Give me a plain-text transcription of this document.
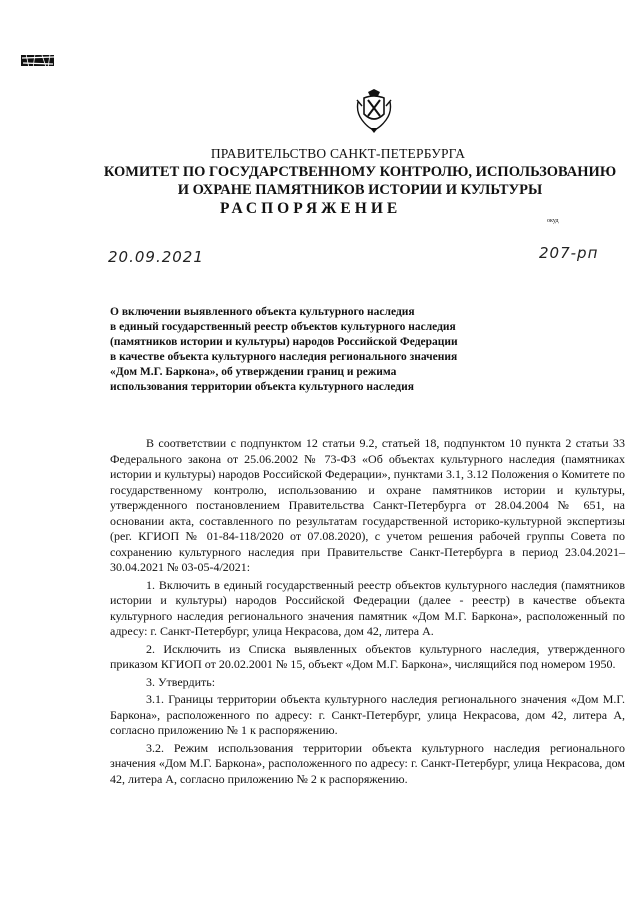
ПРАВИТЕЛЬСТВО САНКТ-ПЕТЕРБУРГА
КОМИТЕТ ПО ГОСУДАРСТВЕННОМУ КОНТРОЛЮ, ИСПОЛЬЗОВАНИЮ
И ОХРАНЕ ПАМЯТНИКОВ ИСТОРИИ И КУЛЬТУРЫ
РАСПОРЯЖЕНИЕ
окуд
20.09.2021	207-рп
О включении выявленного объекта культурного наследия
в единый государственный реестр объектов культурного наследия
(памятников истории и культуры) народов Российской Федерации
в качестве объекта культурного наследия регионального значения
«Дом М.Г. Баркона», об утверждении границ и режима
использования территории объекта культурного наследия

В соответствии с подпунктом 12 статьи 9.2, статьей 18, подпунктом 10 пункта 2 статьи 33 Федерального закона от 25.06.2002 № 73-ФЗ «Об объектах культурного наследия (памятниках истории и культуры) народов Российской Федерации», пунктами 3.1, 3.12 Положения о Комитете по государственному контролю, использованию и охране памятников истории и культуры, утвержденного постановлением Правительства Санкт-Петербурга от 28.04.2004 № 651, на основании акта, составленного по результатам государственной историко-культурной экспертизы (рег. КГИОП № 01-84-118/2020 от 07.08.2020), с учетом решения рабочей группы Совета по сохранению культурного наследия при Правительстве Санкт-Петербурга в период 23.04.2021–30.04.2021 № 03-05-4/2021:

1. Включить в единый государственный реестр объектов культурного наследия (памятников истории и культуры) народов Российской Федерации (далее - реестр) в качестве объекта культурного наследия регионального значения памятник «Дом М.Г. Баркона», расположенный по адресу: г. Санкт-Петербург, улица Некрасова, дом 42, литера А.

2. Исключить из Списка выявленных объектов культурного наследия, утвержденного приказом КГИОП от 20.02.2001 № 15, объект «Дом М.Г. Баркона», числящийся под номером 1950.

3. Утвердить:

3.1. Границы территории объекта культурного наследия регионального значения «Дом М.Г. Баркона», расположенного по адресу: г. Санкт-Петербург, улица Некрасова, дом 42, литера А, согласно приложению № 1 к распоряжению.

3.2. Режим использования территории объекта культурного наследия регионального значения «Дом М.Г. Баркона», расположенного по адресу: г. Санкт-Петербург, улица Некрасова, дом 42, литера А, согласно приложению № 2 к распоряжению.
